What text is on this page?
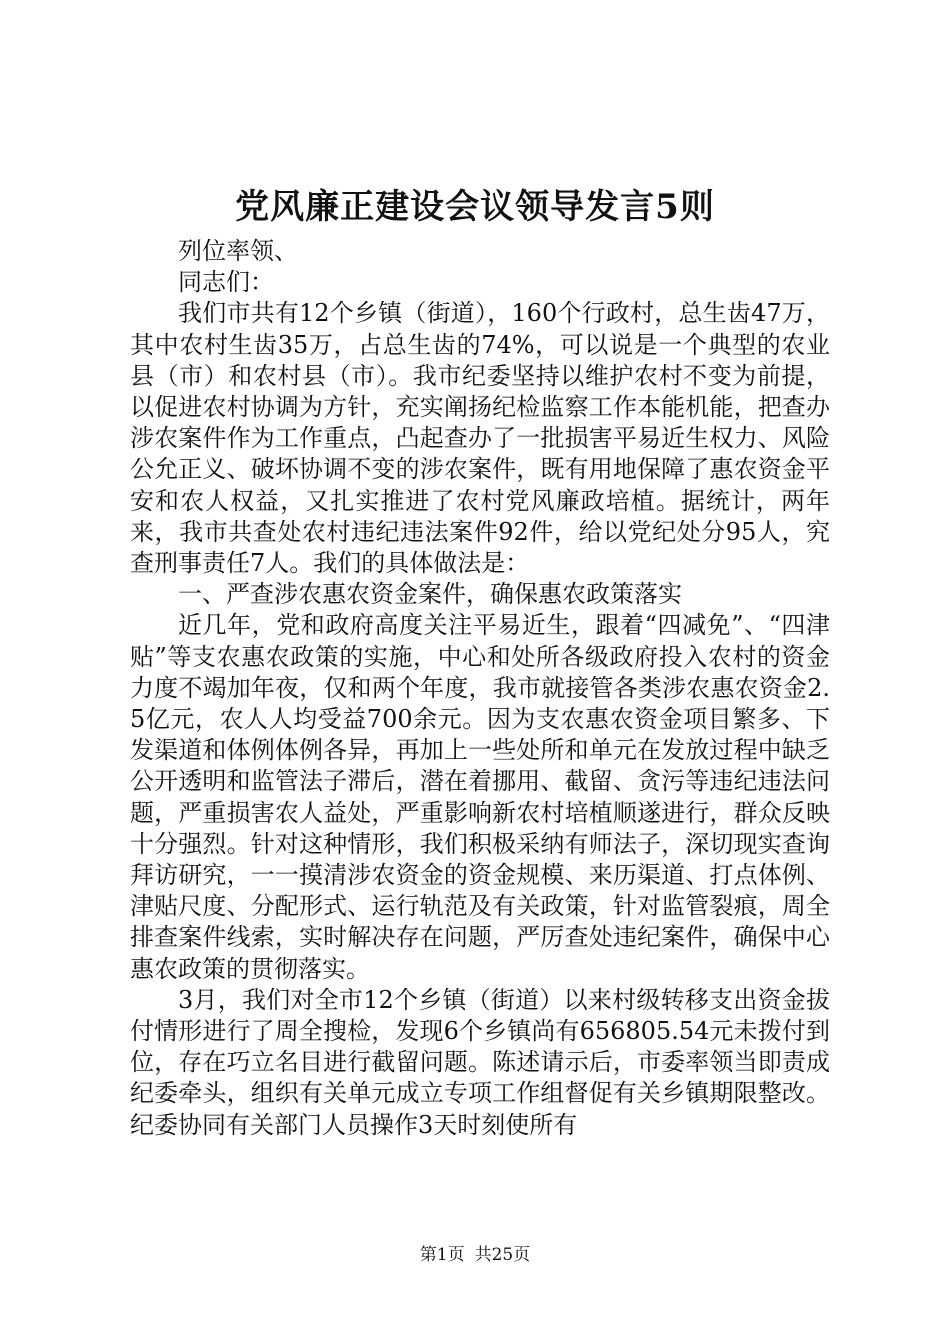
党风廉正建设会议领导发言5则

列位率领、

同志们：

我们市共有12个乡镇（街道），160个行政村，总生齿47万，其中农村生齿35万，占总生齿的74%，可以说是一个典型的农业县（市）和农村县（市）。我市纪委坚持以维护农村不变为前提，以促进农村协调为方针，充实阐扬纪检监察工作本能机能，把查办涉农案件作为工作重点，凸起查办了一批损害平易近生权力、风险公允正义、破坏协调不变的涉农案件，既有用地保障了惠农资金平安和农人权益，又扎实推进了农村党风廉政培植。据统计，两年来，我市共查处农村违纪违法案件92件，给以党纪处分95人，究查刑事责任7人。我们的具体做法是：

一、严查涉农惠农资金案件，确保惠农政策落实

近几年，党和政府高度关注平易近生，跟着“四减免”、“四津贴”等支农惠农政策的实施，中心和处所各级政府投入农村的资金力度不竭加年夜，仅和两个年度，我市就接管各类涉农惠农资金2.5亿元，农人人均受益700余元。因为支农惠农资金项目繁多、下发渠道和体例体例各异，再加上一些处所和单元在发放过程中缺乏公开透明和监管法子滞后，潜在着挪用、截留、贪污等违纪违法问题，严重损害农人益处，严重影响新农村培植顺遂进行，群众反映十分强烈。针对这种情形，我们积极采纳有师法子，深切现实查询拜访研究，一一摸清涉农资金的资金规模、来历渠道、打点体例、津贴尺度、分配形式、运行轨范及有关政策，针对监管裂痕，周全排查案件线索，实时解决存在问题，严厉查处违纪案件，确保中心惠农政策的贯彻落实。

3月，我们对全市12个乡镇（街道）以来村级转移支出资金拔付情形进行了周全搜检，发现6个乡镇尚有656805.54元未拨付到位，存在巧立名目进行截留问题。陈述请示后，市委率领当即责成纪委牵头，组织有关单元成立专项工作组督促有关乡镇期限整改。纪委协同有关部门人员操作3天时刻使所有

第1页 共25页
